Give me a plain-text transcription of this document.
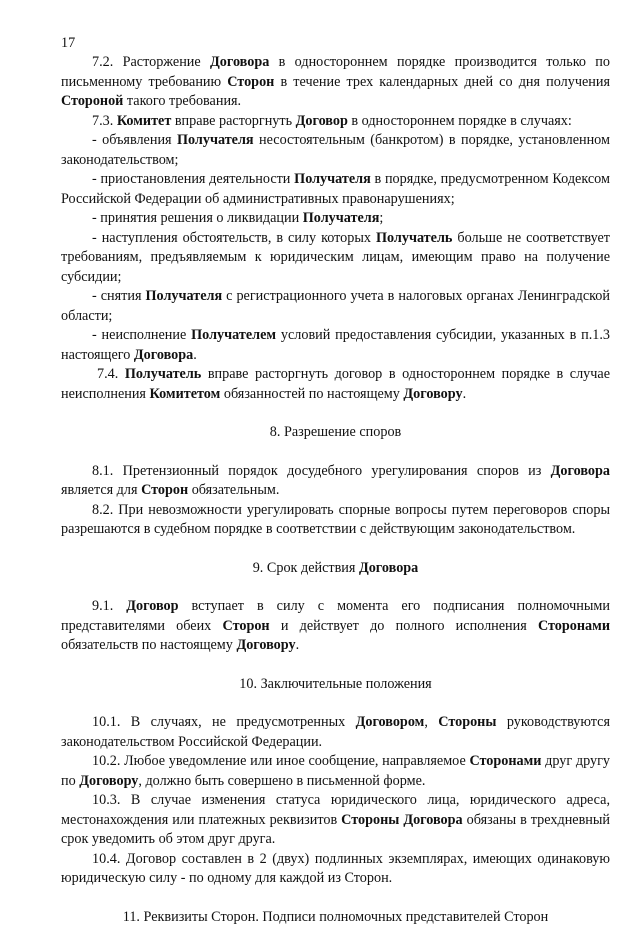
17

7.2. Расторжение Договора в одностороннем порядке производится только по письменному требованию Сторон в течение трех календарных дней со дня получения Стороной такого требования.

7.3. Комитет вправе расторгнуть Договор в одностороннем порядке в случаях:

- объявления Получателя несостоятельным (банкротом) в порядке, установленном законодательством;

- приостановления деятельности Получателя в порядке, предусмотренном Кодексом Российской Федерации об административных правонарушениях;

- принятия решения о ликвидации Получателя;

- наступления обстоятельств, в силу которых Получатель больше не соответствует требованиям, предъявляемым к юридическим лицам, имеющим право на получение субсидии;

- снятия Получателя с регистрационного учета в налоговых органах Ленинградской области;

- неисполнение Получателем условий предоставления субсидии, указанных в п.1.3 настоящего Договора.

7.4. Получатель вправе расторгнуть договор в одностороннем порядке в случае неисполнения Комитетом обязанностей по настоящему Договору.

8. Разрешение споров

8.1. Претензионный порядок досудебного урегулирования споров из Договора является для Сторон обязательным.

8.2. При невозможности урегулировать спорные вопросы путем переговоров споры разрешаются в судебном порядке в соответствии с действующим законодательством.

9. Срок действия Договора

9.1. Договор вступает в силу с момента его подписания полномочными представителями обеих Сторон и действует до полного исполнения Сторонами обязательств по настоящему Договору.

10. Заключительные положения

10.1. В случаях, не предусмотренных Договором, Стороны руководствуются законодательством Российской Федерации.

10.2. Любое уведомление или иное сообщение, направляемое Сторонами друг другу по Договору, должно быть совершено в письменной форме.

10.3. В случае изменения статуса юридического лица, юридического адреса, местонахождения или платежных реквизитов Стороны Договора обязаны в трехдневный срок уведомить об этом друг друга.

10.4. Договор составлен в 2 (двух) подлинных экземплярах, имеющих одинаковую юридическую силу - по одному для каждой из Сторон.

11. Реквизиты Сторон. Подписи полномочных представителей Сторон
